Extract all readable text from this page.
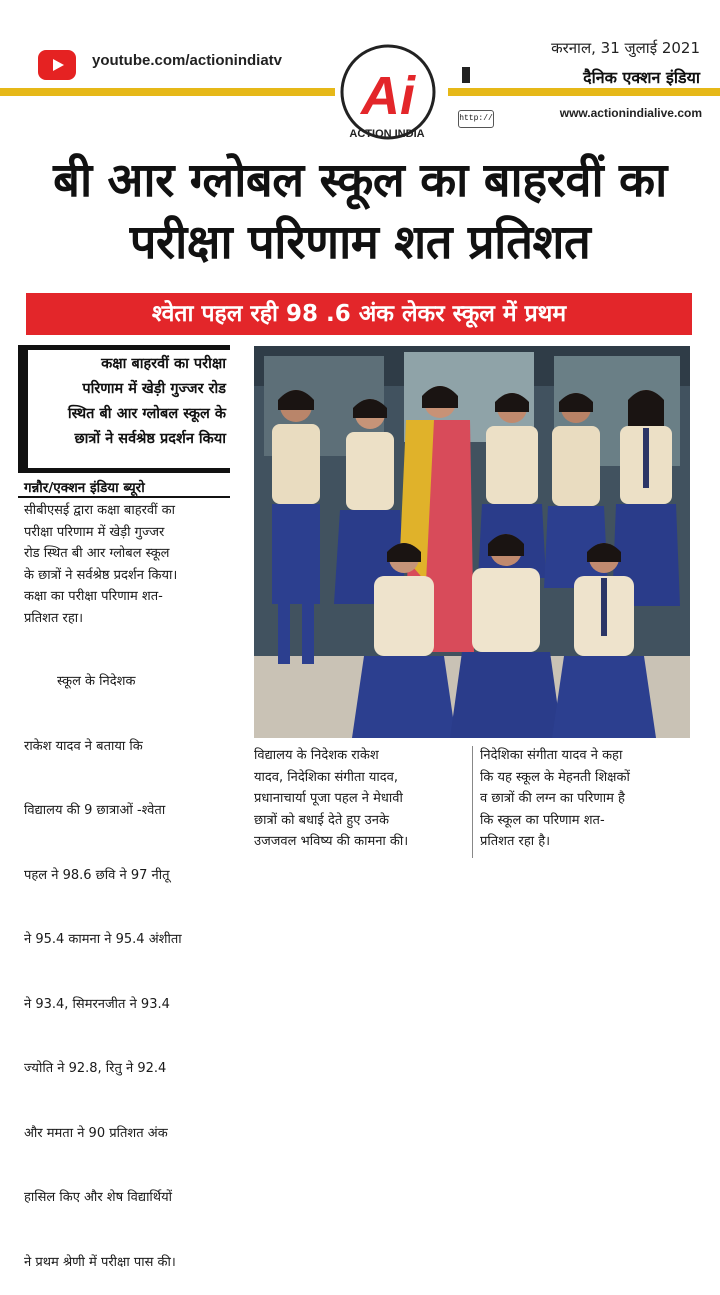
youtube.com/actionindiatv
Ai
ACTION INDIA
करनाल, 31 जुलाई 2021
दैनिक एक्शन इंडिया
http://	www.actionindialive.com
बी आर ग्लोबल स्कूल का बाहरवीं का
परीक्षा परिणाम शत प्रतिशत
श्वेता पहल रही 98 .6 अंक लेकर स्कूल में प्रथम
कक्षा बाहरवीं का परीक्षा
परिणाम में खेड़ी गुज्जर रोड
स्थित बी आर ग्लोबल स्कूल के
छात्रों ने सर्वश्रेष्ठ प्रदर्शन किया
गन्नौर/एक्शन इंडिया ब्यूरो
सीबीएसई द्वारा कक्षा बाहरवीं का
परीक्षा परिणाम में खेड़ी गुज्जर
रोड स्थित बी आर ग्लोबल स्कूल
के छात्रों ने सर्वश्रेष्ठ प्रदर्शन किया।
कक्षा का परीक्षा परिणाम शत-
प्रतिशत रहा।

स्कूल के निदेशक

राकेश यादव ने बताया कि

विद्यालय की 9 छात्राओं -श्वेता

पहल ने 98.6 छवि ने 97 नीतू

ने 95.4 कामना ने 95.4 अंशीता

ने 93.4, सिमरनजीत ने 93.4

ज्योति ने 92.8, रितु ने 92.4

और ममता ने 90 प्रतिशत अंक

हासिल किए और शेष विद्यार्थियों

ने प्रथम श्रेणी में परीक्षा पास की।

विद्यालय के निदेशक राकेश
यादव, निदेशिका संगीता यादव,
प्रधानाचार्या पूजा पहल ने मेधावी
छात्रों को बधाई देते हुए उनके
उजजवल भविष्य की कामना की।
निदेशिका संगीता यादव ने कहा
कि यह स्कूल के मेहनती शिक्षकों
व छात्रों की लग्न का परिणाम है
कि स्कूल का परिणाम शत-
प्रतिशत रहा है।
